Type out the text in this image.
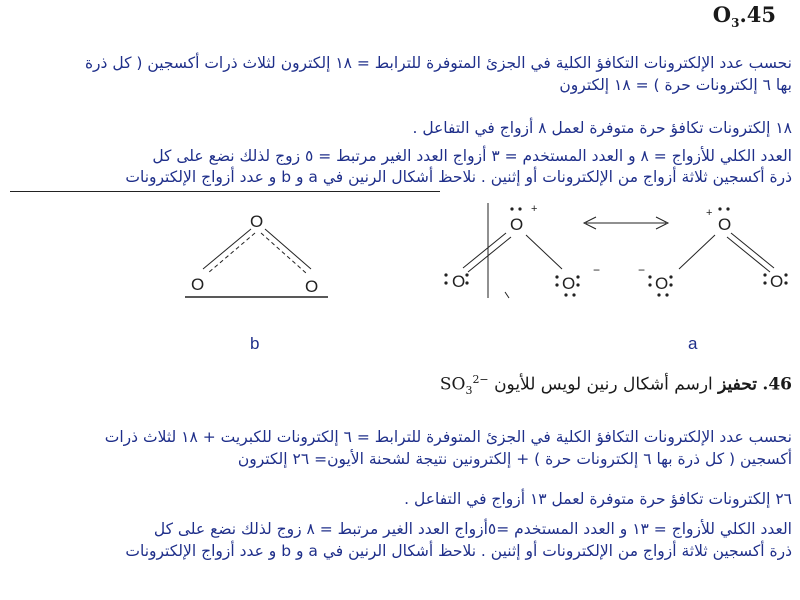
$O_3.45$
نحسب عدد الإلكترونات التكافؤ الكلية في الجزئ المتوفرة للترابط = ١٨ إلكترون لثلاث ذرات أكسجين ( كل ذرة
بها ٦ إلكترونات حرة ) = ١٨ إلكترون
١٨ إلكترونات تكافؤ حرة متوفرة لعمل ٨ أزواج في التفاعل .
العدد الكلي للأزواج = ٨ و العدد المستخدم = ٣ أزواج العدد الغير مرتبط = ٥ زوج لذلك نضع على كل
ذرة أكسجين ثلاثة أزواج من الإلكترونات أو إثنين . نلاحظ أشكال الرنين في a و b و عدد أزواج الإلكترونات
O
O	O
O
+
O	O
−
O
+
O
−
O
b	a
46. تحفيز ارسم أشكال رنين لويس للأيون $SO_3^{2-}$
نحسب عدد الإلكترونات التكافؤ الكلية في الجزئ المتوفرة للترابط = ٦ إلكترونات للكبريت + ١٨ لثلاث ذرات
أكسجين ( كل ذرة بها ٦ إلكترونات حرة ) + إلكترونين نتيجة لشحنة الأيون= ٢٦ إلكترون
٢٦ إلكترونات تكافؤ حرة متوفرة لعمل ١٣ أزواج في التفاعل .
العدد الكلي للأزواج = ١٣ و العدد المستخدم =٥أزواج العدد الغير مرتبط = ٨ زوج لذلك نضع على كل
ذرة أكسجين ثلاثة أزواج من الإلكترونات أو إثنين . نلاحظ أشكال الرنين في a و b و عدد أزواج الإلكترونات
